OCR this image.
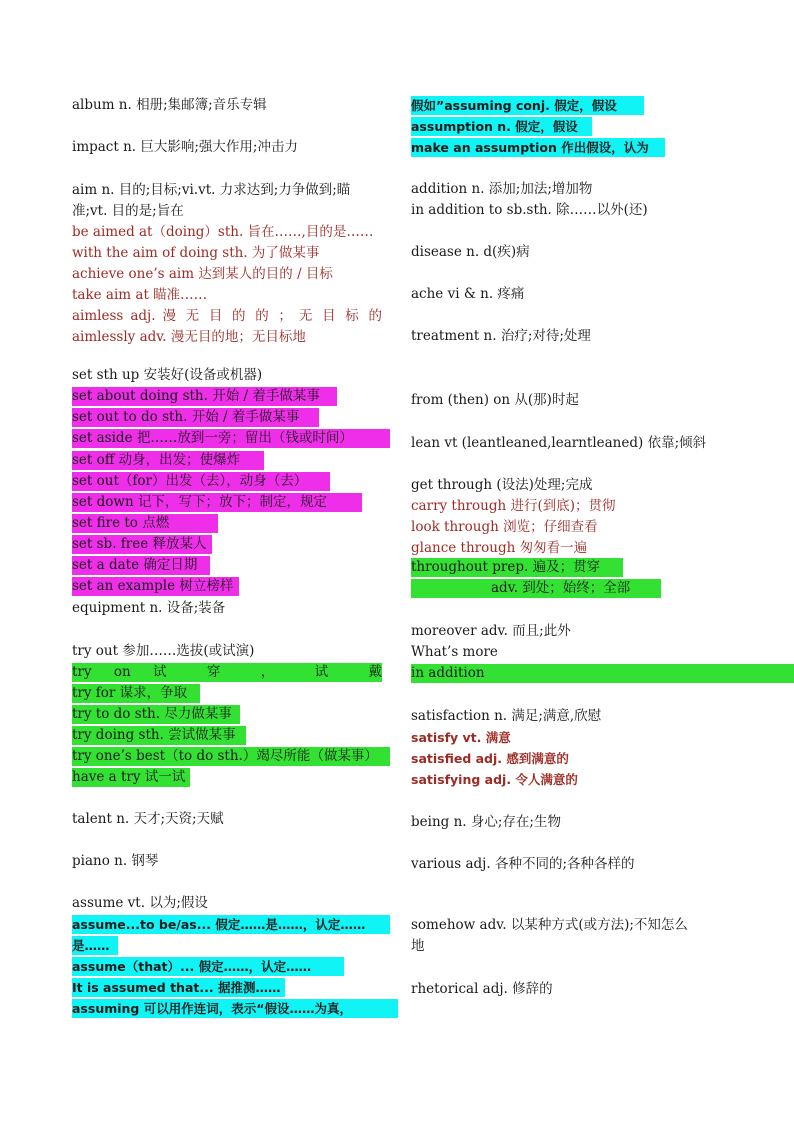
album n. 相册;集邮簿;音乐专辑
impact n. 巨大影响;强大作用;冲击力
aim n. 目的;目标;vi.vt. 力求达到;力争做到;瞄
准;vt. 目的是;旨在
be aimed at（doing）sth. 旨在……,目的是……
with the aim of doing sth. 为了做某事
achieve one’s aim 达到某人的目的 / 目标
take aim at 瞄准……
aimless adj. 漫 无 目 的 的 ； 无 目 标 的
aimlessly adv. 漫无目的地；无目标地
set sth up 安装好(设备或机器)
set about doing sth. 开始 / 着手做某事
set out to do sth. 开始 / 着手做某事
set aside 把……放到一旁；留出（钱或时间）
set off 动身，出发；使爆炸
set out（for）出发（去），动身（去）
set down 记下，写下；放下；制定，规定
set fire to 点燃
set sb. free 释放某人
set a date 确定日期
set an example 树立榜样
equipment n. 设备;装备
try out 参加……选拔(或试演)
try on 试 穿 ， 试 戴
try for 谋求，争取
try to do sth. 尽力做某事
try doing sth. 尝试做某事
try one’s best（to do sth.）竭尽所能（做某事）
have a try 试一试
talent n. 天才;天资;天赋
piano n. 钢琴
assume vt. 以为;假设
assume...to be/as... 假定……是……，认定……
是……
assume（that）... 假定……，认定……
It is assumed that... 据推测……
assuming 可以用作连词，表示“假设……为真，
假如”assuming conj. 假定，假设
assumption n. 假定，假设
make an assumption 作出假设，认为
addition n. 添加;加法;增加物
in addition to sb.sth. 除……以外(还)
disease n. d(疾)病
ache vi & n. 疼痛
treatment n. 治疗;对待;处理
from (then) on 从(那)时起
lean vt (leantleaned,learntleaned) 依靠;倾斜
get through (设法)处理;完成
carry through 进行(到底)；贯彻
look through 浏览；仔细查看
glance through 匆匆看一遍
throughout prep. 遍及；贯穿
adv. 到处；始终；全部
moreover adv. 而且;此外
What’s more
in addition
satisfaction n. 满足;满意,欣慰
satisfy vt. 满意
satisfied adj. 感到满意的
satisfying adj. 令人满意的
being n. 身心;存在;生物
various adj. 各种不同的;各种各样的
somehow adv. 以某种方式(或方法);不知怎么
地
rhetorical adj. 修辞的
